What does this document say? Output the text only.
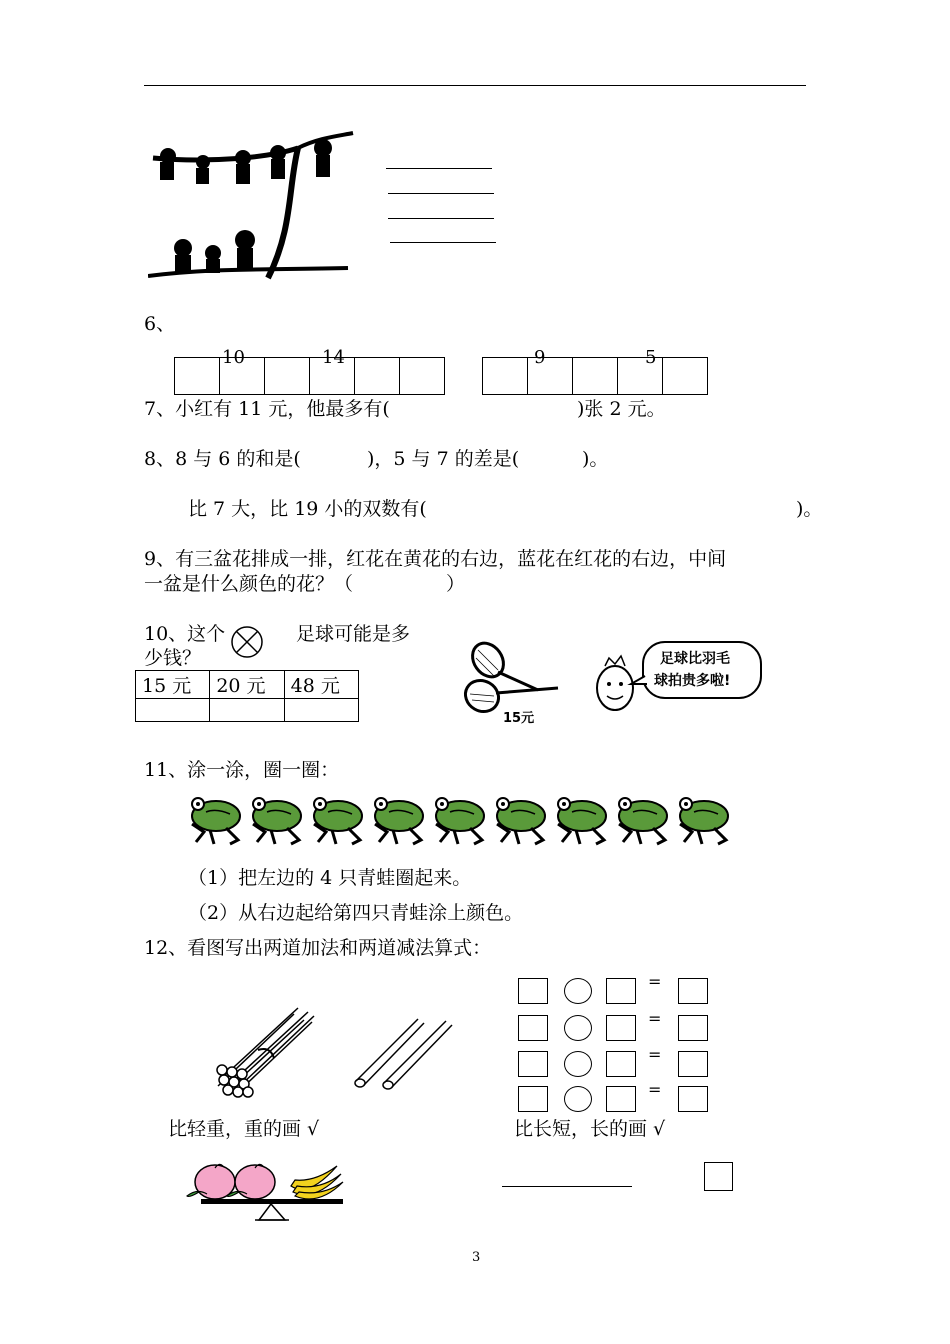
6、
10	14	9	5
7、小红有 11 元，他最多有(	)张 2 元。
8、8 与 6 的和是(	)，5 与 7 的差是(	)。
比 7 大，比 19 小的双数有(	)。
9、有三盆花排成一排，红花在黄花的右边，蓝花在红花的右边，中间
一盆是什么颜色的花？（	）
10、这个	足球可能是多
少钱？
15 元	20 元	48 元

15元
足球比羽毛
球拍贵多啦!
11、涂一涂，圈一圈：
（1）把左边的 4 只青蛙圈起来。
（2）从右边起给第四只青蛙涂上颜色。
12、看图写出两道加法和两道减法算式：
=
=
=
=
比轻重，重的画 √	比长短，长的画 √
3
